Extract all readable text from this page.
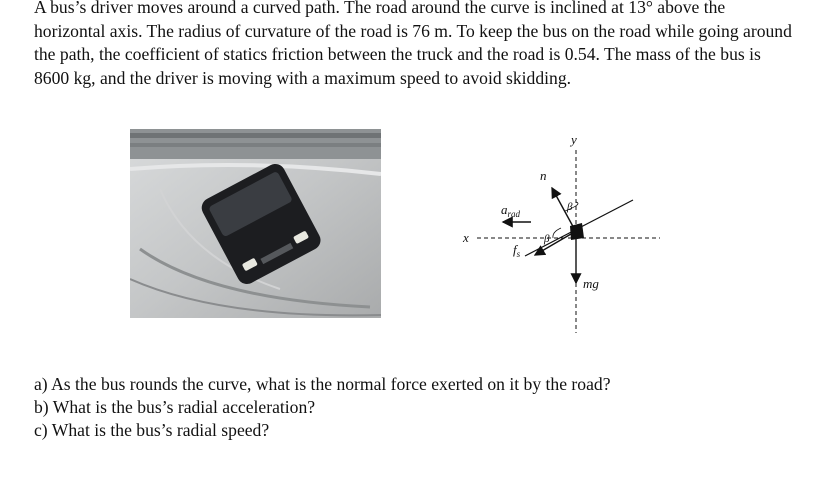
A bus’s driver moves around a curved path. The road around the curve is inclined at 13° above the horizontal axis. The radius of curvature of the road is 76 m. To keep the bus on the road while going around the path, the coefficient of statics friction between the truck and the road is 0.54. The mass of the bus is 8600 kg, and the driver is moving with a maximum speed to avoid skidding.

y
x
n
β
β
$a_{rad}$
$f_s$
mg
a) As the bus rounds the curve, what is the normal force exerted on it by the road?
b) What is the bus’s radial acceleration?
c) What is the bus’s radial speed?
